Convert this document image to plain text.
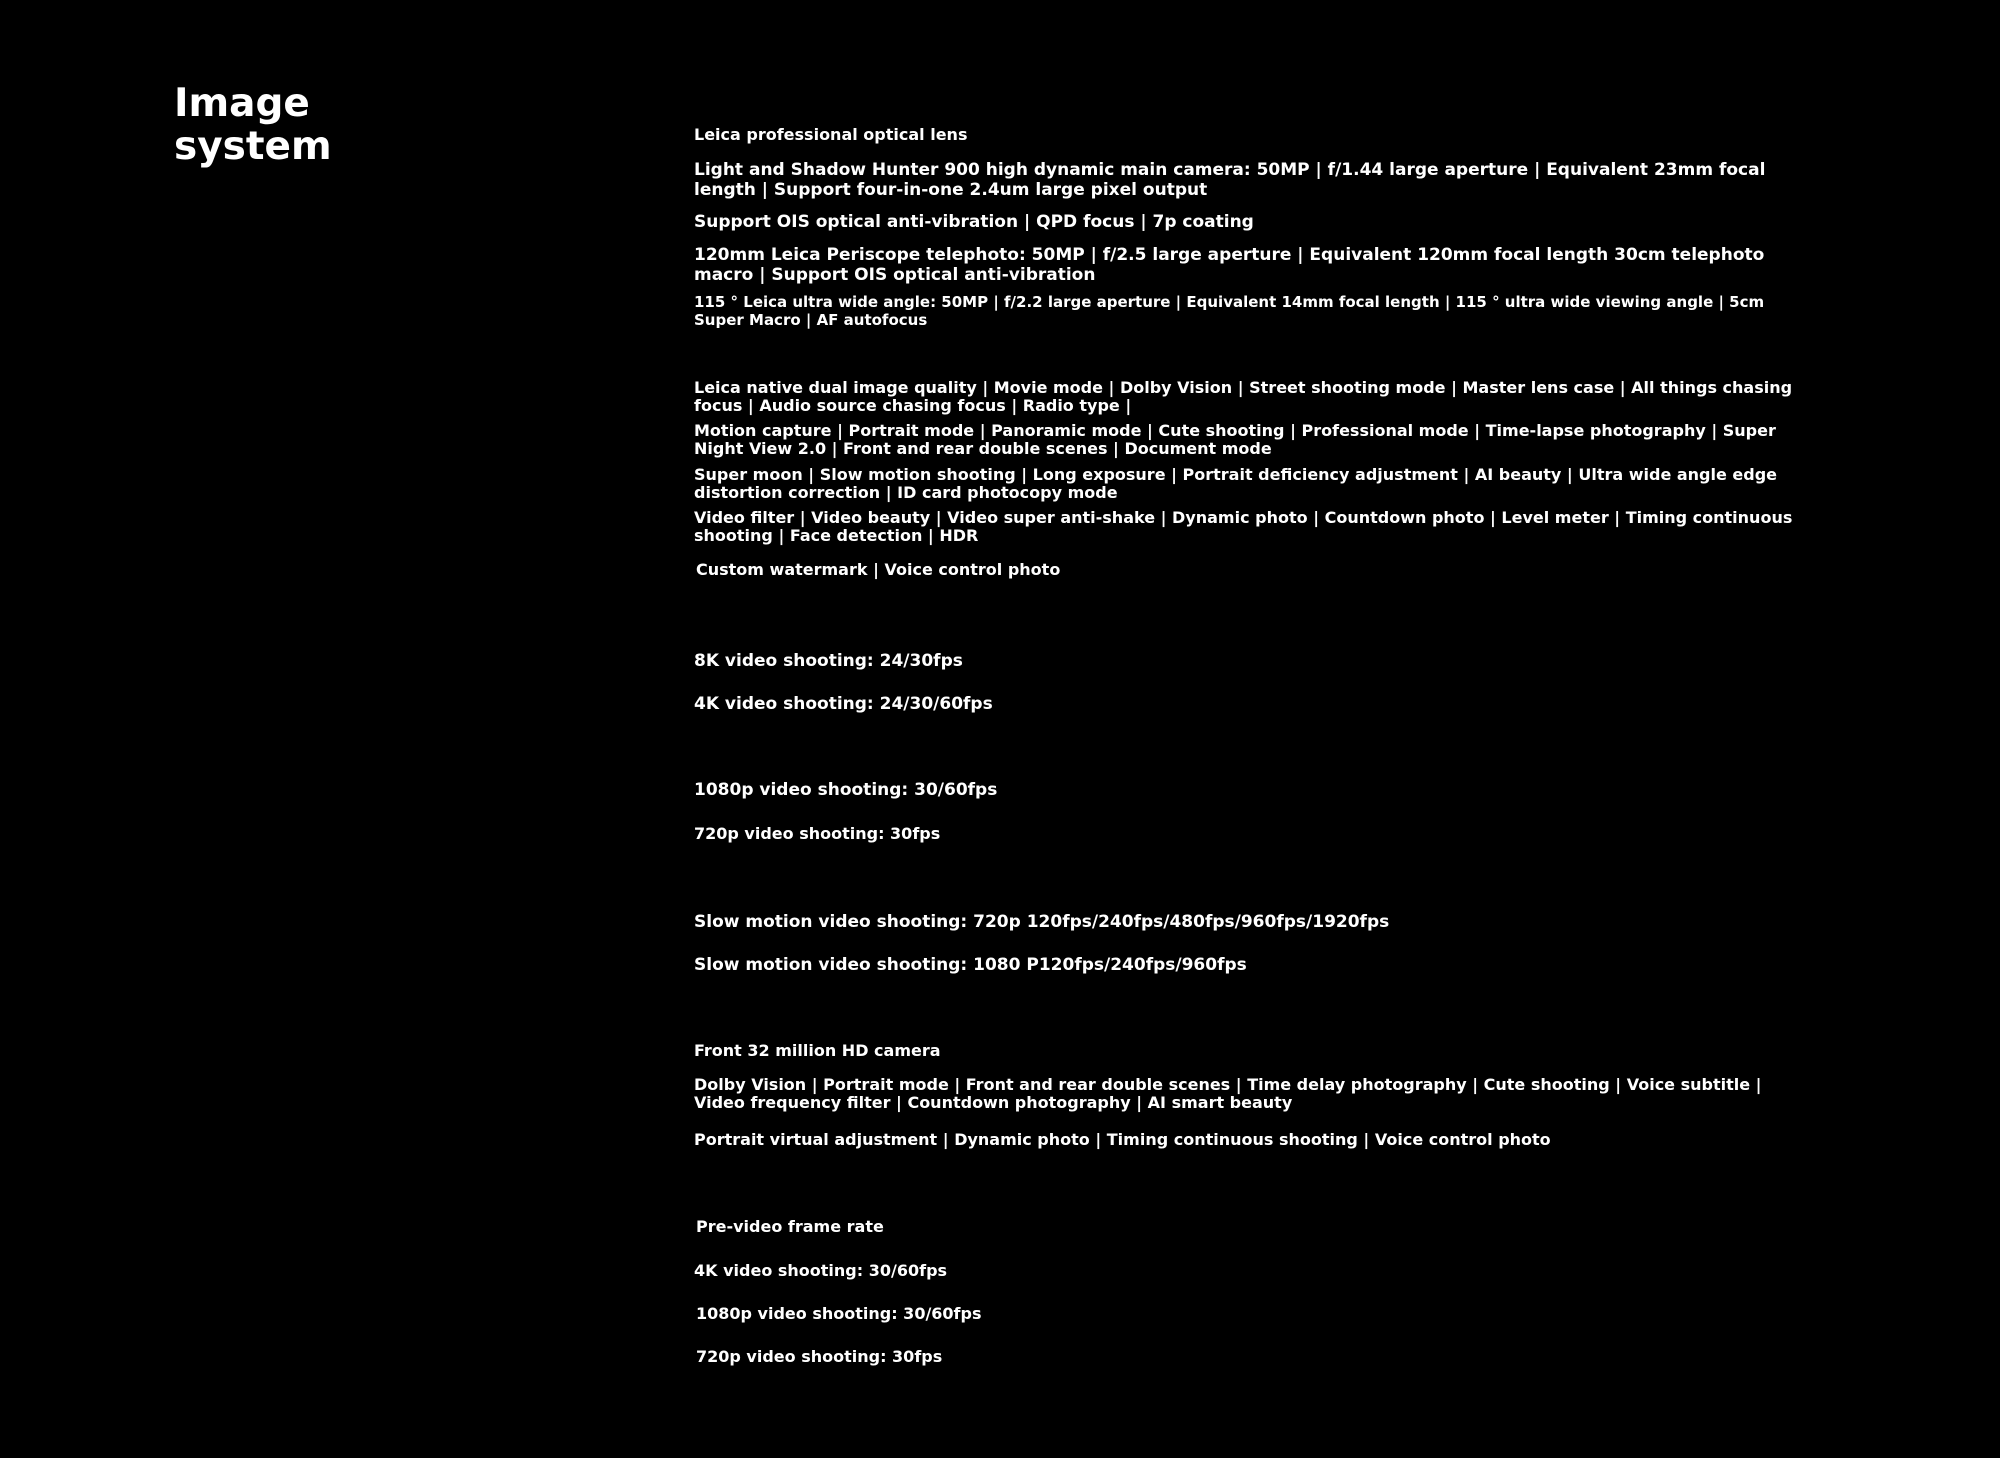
Image system	Leica professional optical lens

Light and Shadow Hunter 900 high dynamic main camera: 50MP | f/1.44 large aperture | Equivalent 23mm focal length | Support four-in-one 2.4um large pixel output

Support OIS optical anti-vibration | QPD focus | 7p coating

120mm Leica Periscope telephoto: 50MP | f/2.5 large aperture | Equivalent 120mm focal length 30cm telephoto macro | Support OIS optical anti-vibration

115 ° Leica ultra wide angle: 50MP | f/2.2 large aperture | Equivalent 14mm focal length | 115 ° ultra wide viewing angle | 5cm Super Macro | AF autofocus

Leica native dual image quality | Movie mode | Dolby Vision | Street shooting mode | Master lens case | All things chasing focus | Audio source chasing focus | Radio type |

Motion capture | Portrait mode | Panoramic mode | Cute shooting | Professional mode | Time-lapse photography | Super Night View 2.0 | Front and rear double scenes | Document mode

Super moon | Slow motion shooting | Long exposure | Portrait deficiency adjustment | AI beauty | Ultra wide angle edge distortion correction | ID card photocopy mode

Video filter | Video beauty | Video super anti-shake | Dynamic photo | Countdown photo | Level meter | Timing continuous shooting | Face detection | HDR

Custom watermark | Voice control photo

8K video shooting: 24/30fps

4K video shooting: 24/30/60fps

1080p video shooting: 30/60fps

720p video shooting: 30fps

Slow motion video shooting: 720p 120fps/240fps/480fps/960fps/1920fps

Slow motion video shooting: 1080 P120fps/240fps/960fps

Front 32 million HD camera

Dolby Vision | Portrait mode | Front and rear double scenes | Time delay photography | Cute shooting | Voice subtitle | Video frequency filter | Countdown photography | AI smart beauty

Portrait virtual adjustment | Dynamic photo | Timing continuous shooting | Voice control photo

Pre-video frame rate

4K video shooting: 30/60fps

1080p video shooting: 30/60fps

720p video shooting: 30fps
